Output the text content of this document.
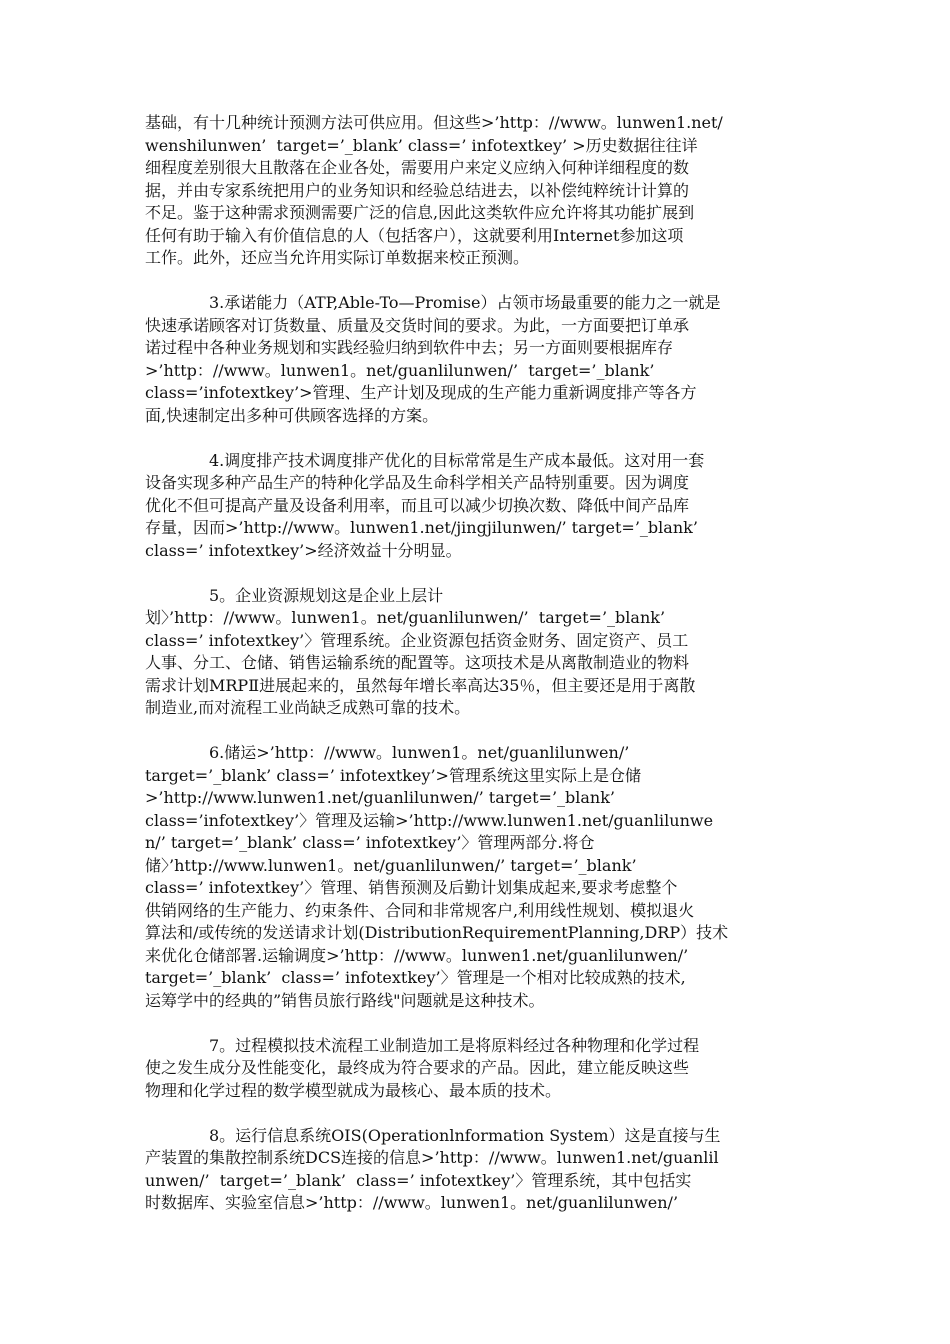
基础，有十几种统计预测方法可供应用。但这些>’http：//www。lunwen1.net/
wenshilunwen’  target=’_blank’ class=’ infotextkey’ >历史数据往往详
细程度差别很大且散落在企业各处，需要用户来定义应纳入何种详细程度的数
据，并由专家系统把用户的业务知识和经验总结进去，以补偿纯粹统计计算的
不足。鉴于这种需求预测需要广泛的信息,因此这类软件应允许将其功能扩展到
任何有助于输入有价值信息的人（包括客户），这就要利用Internet参加这项
工作。此外，还应当允许用实际订单数据来校正预测。
3.承诺能力（ATP,Able-To—Promise）占领市场最重要的能力之一就是
快速承诺顾客对订货数量、质量及交货时间的要求。为此，一方面要把订单承
诺过程中各种业务规划和实践经验归纳到软件中去；另一方面则要根据库存
>’http：//www。lunwen1。net/guanlilunwen/’  target=’_blank’
class=’infotextkey’>管理、生产计划及现成的生产能力重新调度排产等各方
面,快速制定出多种可供顾客选择的方案。
4.调度排产技术调度排产优化的目标常常是生产成本最低。这对用一套
设备实现多种产品生产的特种化学品及生命科学相关产品特别重要。因为调度
优化不但可提高产量及设备利用率，而且可以减少切换次数、降低中间产品库
存量，因而>’http://www。lunwen1.net/jingjilunwen/’ target=’_blank’
class=’ infotextkey’>经济效益十分明显。
5。企业资源规划这是企业上层计
划〉’http：//www。lunwen1。net/guanlilunwen/’  target=’_blank’
class=’ infotextkey’〉管理系统。企业资源包括资金财务、固定资产、员工
人事、分工、仓储、销售运输系统的配置等。这项技术是从离散制造业的物料
需求计划MRPⅡ进展起来的，虽然每年增长率高达35％，但主要还是用于离散
制造业,而对流程工业尚缺乏成熟可靠的技术。
6.储运>’http：//www。lunwen1。net/guanlilunwen/’
target=’_blank’ class=’ infotextkey’>管理系统这里实际上是仓储
>’http://www.lunwen1.net/guanlilunwen/’ target=’_blank’
class=’infotextkey’〉管理及运输>’http://www.lunwen1.net/guanlilunwe
n/’ target=’_blank’ class=’ infotextkey’〉管理两部分.将仓
储〉’http://www.lunwen1。net/guanlilunwen/’ target=’_blank’
class=’ infotextkey’〉管理、销售预测及后勤计划集成起来,要求考虑整个
供销网络的生产能力、约束条件、合同和非常规客户,利用线性规划、模拟退火
算法和/或传统的发送请求计划(DistributionRequirementPlanning,DRP）技术
来优化仓储部署.运输调度>’http：//www。lunwen1.net/guanlilunwen/’
target=’_blank’  class=’ infotextkey’〉管理是一个相对比较成熟的技术,
运筹学中的经典的”销售员旅行路线"问题就是这种技术。
7。过程模拟技术流程工业制造加工是将原料经过各种物理和化学过程
使之发生成分及性能变化，最终成为符合要求的产品。因此，建立能反映这些
物理和化学过程的数学模型就成为最核心、最本质的技术。
8。运行信息系统OIS(Operationlnformation System）这是直接与生
产装置的集散控制系统DCS连接的信息>’http：//www。lunwen1.net/guanlil
unwen/’  target=’_blank’  class=’ infotextkey’〉管理系统，其中包括实
时数据库、实验室信息>’http：//www。lunwen1。net/guanlilunwen/’
